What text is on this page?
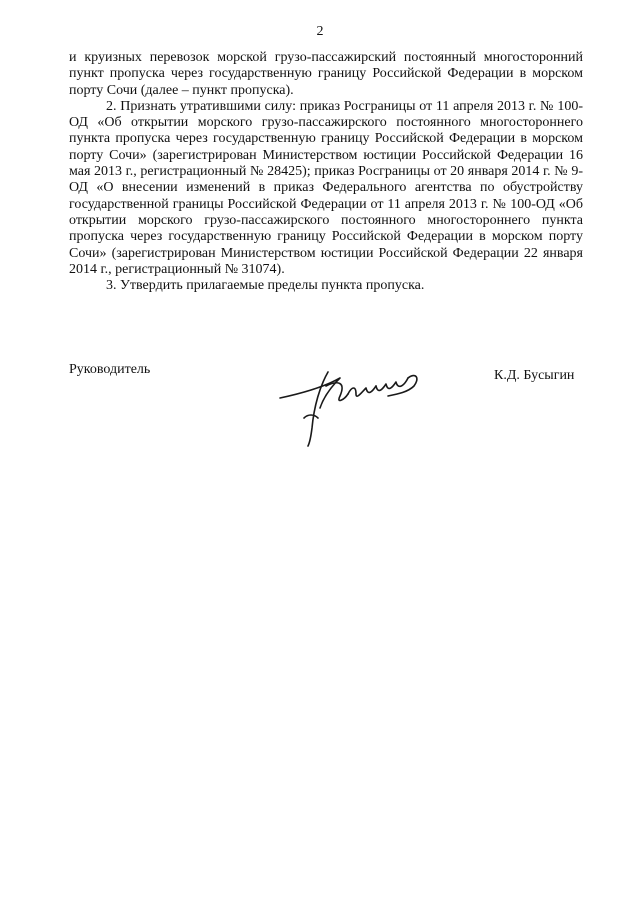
2

и круизных перевозок морской грузо-пассажирский постоянный многосторонний пункт пропуска через государственную границу Российской Федерации в морском порту Сочи (далее – пункт пропуска).

2. Признать утратившими силу: приказ Росграницы от 11 апреля 2013 г. № 100-ОД «Об открытии морского грузо-пассажирского постоянного многостороннего пункта пропуска через государственную границу Российской Федерации в морском порту Сочи» (зарегистрирован Министерством юстиции Российской Федерации 16 мая 2013 г., регистрационный № 28425); приказ Росграницы от 20 января 2014 г. № 9-ОД «О внесении изменений в приказ Федерального агентства по обустройству государственной границы Российской Федерации от 11 апреля 2013 г. № 100-ОД «Об открытии морского грузо-пассажирского постоянного многостороннего пункта пропуска через государственную границу Российской Федерации в морском порту Сочи» (зарегистрирован Министерством юстиции Российской Федерации 22 января 2014 г., регистрационный № 31074).

3. Утвердить прилагаемые пределы пункта пропуска.

Руководитель	К.Д. Бусыгин
